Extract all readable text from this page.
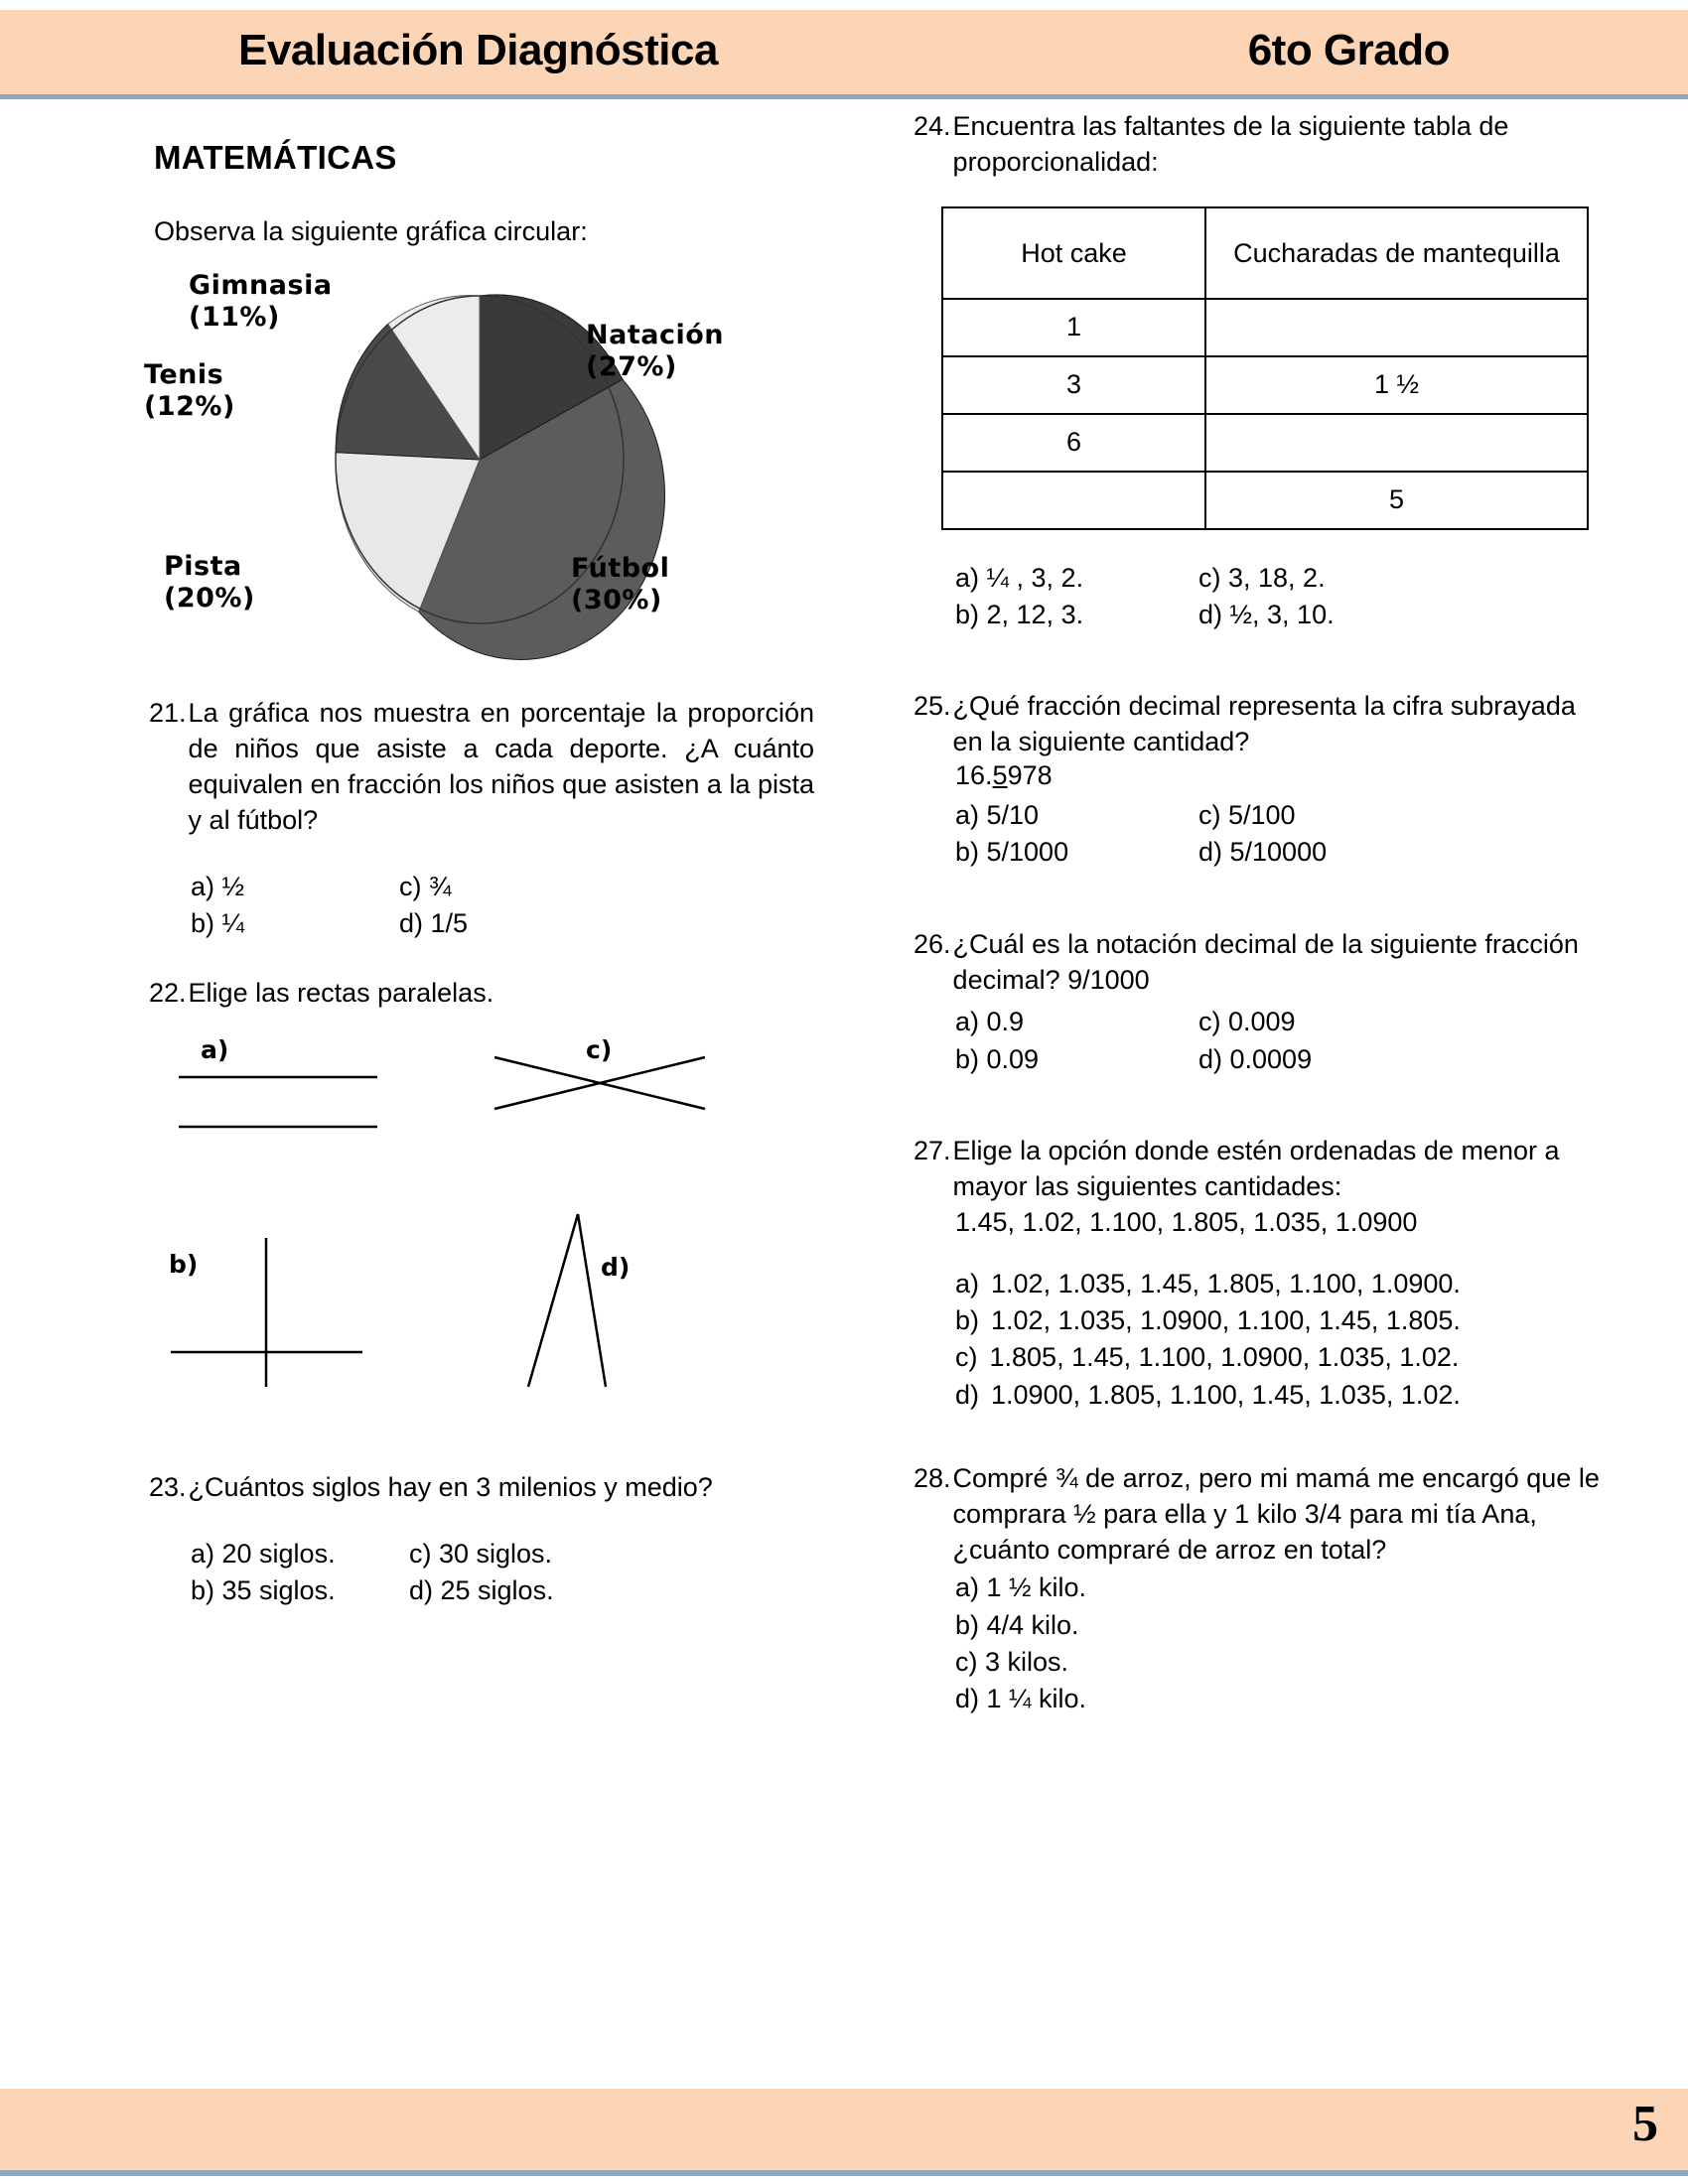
Evaluación Diagnóstica	6to Grado
MATEMÁTICAS
Observa la siguiente gráfica circular:
Gimnasia
(11%)
Tenis
(12%)
Pista
(20%)
Natación
(27%)
Fútbol
(30%)
21. La gráfica nos muestra en porcentaje la proporción de niños que asiste a cada deporte. ¿A cuánto equivalen en fracción los niños que asisten a la pista y al fútbol?
a) ½	c) ¾
b) ¼	d) 1/5
22. Elige las rectas paralelas.
a)
b)
c)
d)
23. ¿Cuántos siglos hay en 3 milenios y medio?
a) 20 siglos.	c) 30 siglos.
b) 35 siglos.	d) 25 siglos.
24. Encuentra las faltantes de la siguiente tabla de proporcionalidad:
Hot cake	Cucharadas de mantequilla
1	
3	1 ½
6	
	5
a) ¼ , 3, 2.	c) 3, 18, 2.
b) 2, 12, 3.	d) ½, 3, 10.
25. ¿Qué fracción decimal representa la cifra subrayada en la siguiente cantidad?
16.5978
a) 5/10	c) 5/100
b) 5/1000	d) 5/10000
26. ¿Cuál es la notación decimal de la siguiente fracción decimal? 9/1000
a) 0.9	c) 0.009
b) 0.09	d) 0.0009
27. Elige la opción donde estén ordenadas de menor a mayor las siguientes cantidades:
1.45, 1.02, 1.100, 1.805, 1.035, 1.0900
a) 1.02, 1.035, 1.45, 1.805, 1.100, 1.0900.
b) 1.02, 1.035, 1.0900, 1.100, 1.45, 1.805.
c) 1.805, 1.45, 1.100, 1.0900, 1.035, 1.02.
d) 1.0900, 1.805, 1.100, 1.45, 1.035, 1.02.
28. Compré ¾ de arroz, pero mi mamá me encargó que le comprara ½ para ella y 1 kilo 3/4 para mi tía Ana, ¿cuánto compraré de arroz en total?
a) 1 ½ kilo.
b) 4/4 kilo.
c) 3 kilos.
d) 1 ¼ kilo.
5
